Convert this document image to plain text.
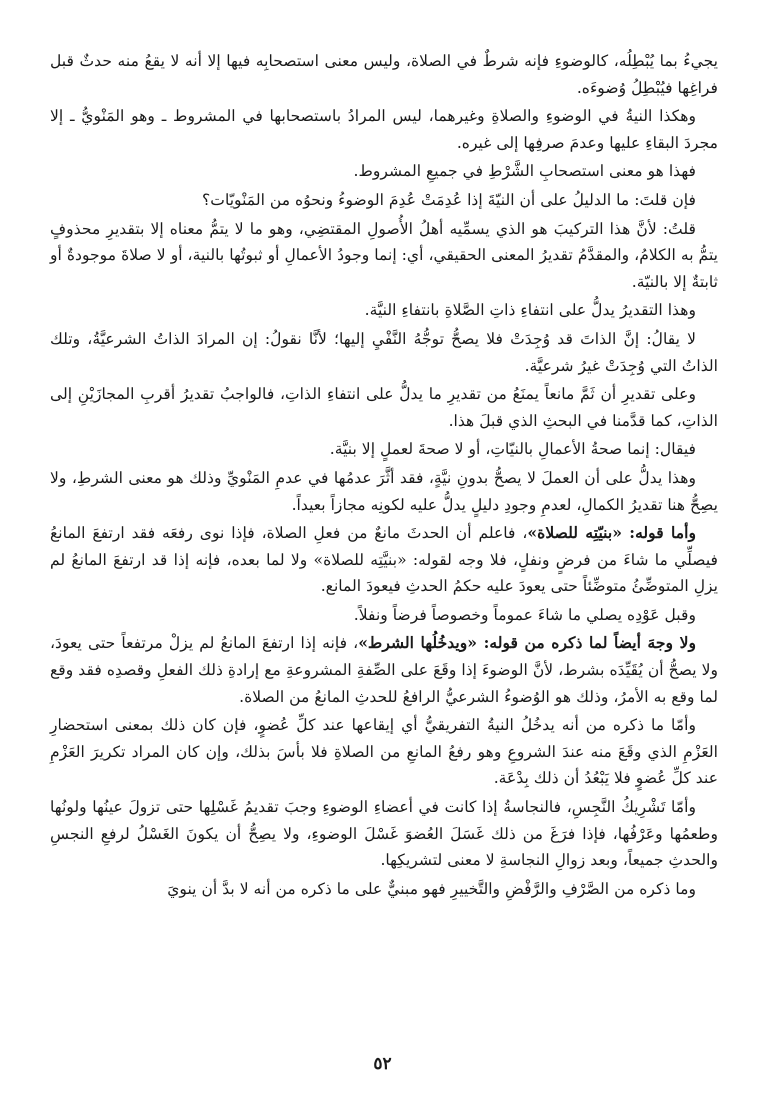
يجيءُ بما يُبْطِلُه، كالوضوءِ فإنه شرطٌ في الصلاة، وليس معنى استصحابِه فيها إلا أنه لا يقعُ منه حدثٌ قبل فراغِها فيُبْطِلُ وُضوءَه.

وهكذا النيةُ في الوضوءِ والصلاةِ وغيرهما، ليس المرادُ باستصحابها في المشروط ـ وهو المَنْويُّ ـ إلا مجردَ البقاءِ عليها وعدمَ صرفِها إلى غيره.

فهذا هو معنى استصحابِ الشَّرْطِ في جميعِ المشروط.

فإن قلتَ: ما الدليلُ على أن النيّةَ إذا عُدِمَتْ عُدِمَ الوضوءُ ونحوُه من المَنْويّات؟

قلتُ: لأنَّ هذا التركيبَ هو الذي يسمِّيه أهلُ الأُصولِ المقتضِي، وهو ما لا يتمُّ معناه إلا بتقديرِ محذوفٍ يتمُّ به الكلامُ، والمقدَّمُ تقديرُ المعنى الحقيقي، أي: إنما وجودُ الأعمالِ أو ثبوتُها بالنية، أو لا صلاةَ موجودةٌ أو ثابتةٌ إلا بالنيّة.

وهذا التقديرُ يدلُّ على انتفاءِ ذاتِ الصَّلاةِ بانتفاءِ النيَّة.

لا يقالُ: إنَّ الذاتَ قد وُجِدَتْ فلا يصحُّ توجُّهُ النَّفْيِ إليها؛ لأنَّا نقولُ: إن المرادَ الذاتُ الشرعيَّةُ، وتلك الذاتُ التي وُجِدَتْ غيرُ شرعيَّة.

وعلى تقديرِ أن ثَمَّ مانعاً يمنَعُ من تقديرِ ما يدلُّ على انتفاءِ الذاتِ، فالواجبُ تقديرُ أقربِ المجازَيْنِ إلى الذاتِ، كما قدَّمنا في البحثِ الذي قبلَ هذا.

فيقال: إنما صحةُ الأعمالِ بالنيّاتِ، أو لا صحةَ لعملٍ إلا بنيَّة.

وهذا يدلُّ على أن العملَ لا يصحُّ بدونِ نيَّةٍ، فقد أثَّرَ عدمُها في عدمِ المَنْويِّ وذلك هو معنى الشرطِ، ولا يصِحُّ هنا تقديرُ الكمالِ، لعدمِ وجودِ دليلٍ يدلُّ عليه لكونِه مجازاً بعيداً.

وأما قوله: «بنيّتِه للصلاة»، فاعلم أن الحدثَ مانعٌ من فعلِ الصلاة، فإذا نوى رفعَه فقد ارتفعَ المانعُ فيصلِّي ما شاءَ من فرضٍ ونفلٍ، فلا وجه لقوله: «بنيَّتِه للصلاة» ولا لما بعده، فإنه إذا قد ارتفعَ المانعُ لم يزلِ المتوضِّئُ متوضِّئاً حتى يعودَ عليه حكمُ الحدثِ فيعودَ المانع.

وقبل عَوْدِه يصلي ما شاءَ عموماً وخصوصاً فرضاً ونفلاً.

ولا وجهَ أيضاً لما ذكره من قوله: «ويدخُلُها الشرط»، فإنه إذا ارتفعَ المانعُ لم يزلْ مرتفعاً حتى يعودَ، ولا يصحُّ أن يُقَيِّدَه بشرط، لأنَّ الوضوءَ إذا وقَعَ على الصِّفةِ المشروعةِ مع إرادةِ ذلك الفعلِ وقصدِه فقد وقع لما وقع به الأمرُ، وذلك هو الوُضوءُ الشرعيُّ الرافعُ للحدثِ المانعُ من الصلاة.

وأمّا ما ذكره من أنه يدخُلُ النيةُ التفريقيُّ أي إيقاعها عند كلِّ عُضوٍ، فإن كان ذلك بمعنى استحضارِ العَزْمِ الذي وقَعَ منه عندَ الشروعِ وهو رفعُ المانعِ من الصلاةِ فلا بأسَ بذلك، وإن كان المراد تكريرَ العَزْمِ عند كلِّ عُضوٍ فلا يَبْعُدُ أن ذلك بِدْعَة.

وأمّا تَشْرِيكُ النَّجِسِ، فالنجاسةُ إذا كانت في أعضاءِ الوضوءِ وجبَ تقديمُ غَسْلِها حتى تزولَ عينُها ولونُها وطعمُها وعَرْفُها، فإذا فرَغَ من ذلك غَسَلَ العُضوَ غَسْلَ الوضوءِ، ولا يصِحُّ أن يكونَ الغَسْلُ لرفعِ النجسِ والحدثِ جميعاً، وبعد زوالِ النجاسةِ لا معنى لتشريكِها.

وما ذكره من الصَّرْفِ والرَّفْضِ والتَّخييرِ فهو مبنيٌّ على ما ذكره من أنه لا بدَّ أن ينويَ

٥٢
